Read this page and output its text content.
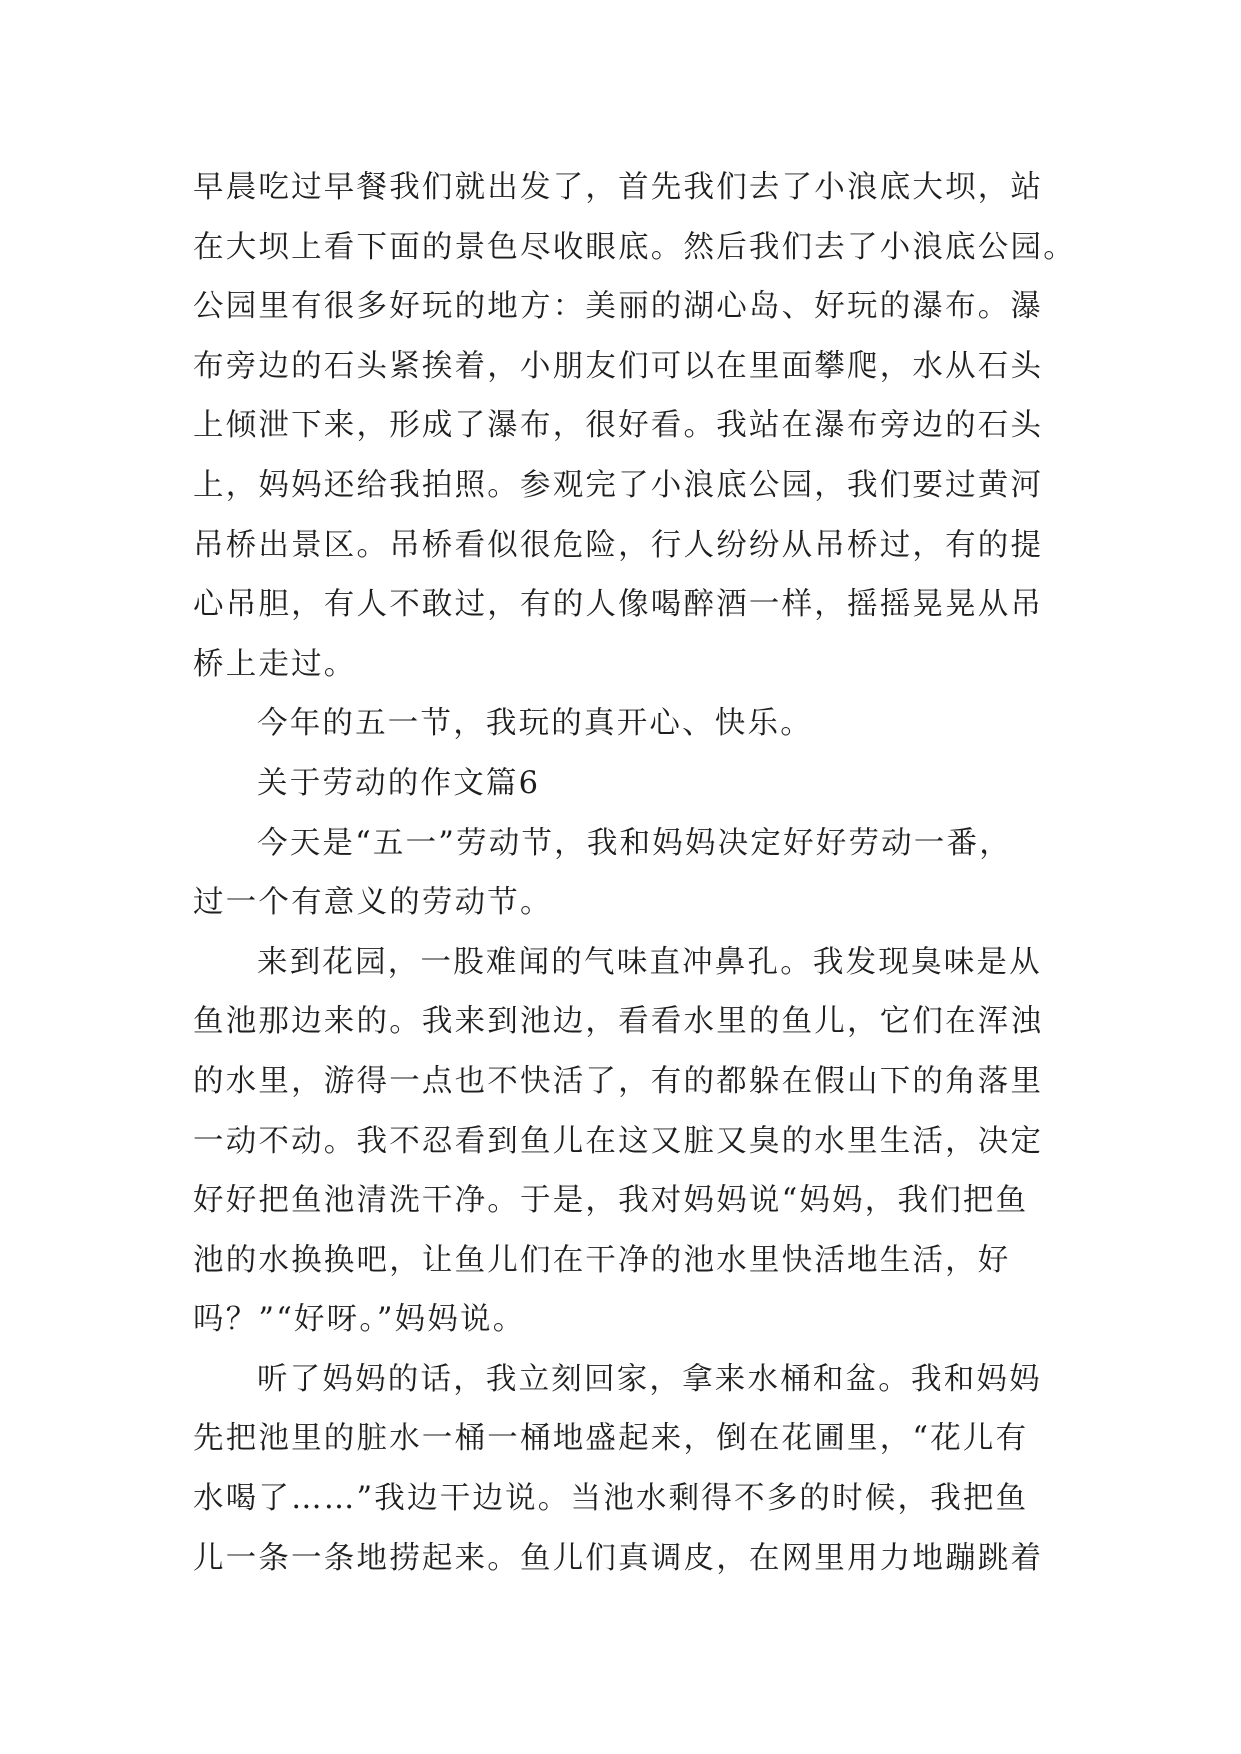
早晨吃过早餐我们就出发了，首先我们去了小浪底大坝，站
在大坝上看下面的景色尽收眼底。然后我们去了小浪底公园。
公园里有很多好玩的地方：美丽的湖心岛、好玩的瀑布。瀑
布旁边的石头紧挨着，小朋友们可以在里面攀爬，水从石头
上倾泄下来，形成了瀑布，很好看。我站在瀑布旁边的石头
上，妈妈还给我拍照。参观完了小浪底公园，我们要过黄河
吊桥出景区。吊桥看似很危险，行人纷纷从吊桥过，有的提
心吊胆，有人不敢过，有的人像喝醉酒一样，摇摇晃晃从吊
桥上走过。
今年的五一节，我玩的真开心、快乐。
关于劳动的作文篇6
今天是“五一”劳动节，我和妈妈决定好好劳动一番，
过一个有意义的劳动节。
来到花园，一股难闻的气味直冲鼻孔。我发现臭味是从
鱼池那边来的。我来到池边，看看水里的鱼儿，它们在浑浊
的水里，游得一点也不快活了，有的都躲在假山下的角落里
一动不动。我不忍看到鱼儿在这又脏又臭的水里生活，决定
好好把鱼池清洗干净。于是，我对妈妈说“妈妈，我们把鱼
池的水换换吧，让鱼儿们在干净的池水里快活地生活，好
吗？”“好呀。”妈妈说。
听了妈妈的话，我立刻回家，拿来水桶和盆。我和妈妈
先把池里的脏水一桶一桶地盛起来，倒在花圃里，“花儿有
水喝了……”我边干边说。当池水剩得不多的时候，我把鱼
儿一条一条地捞起来。鱼儿们真调皮，在网里用力地蹦跳着
